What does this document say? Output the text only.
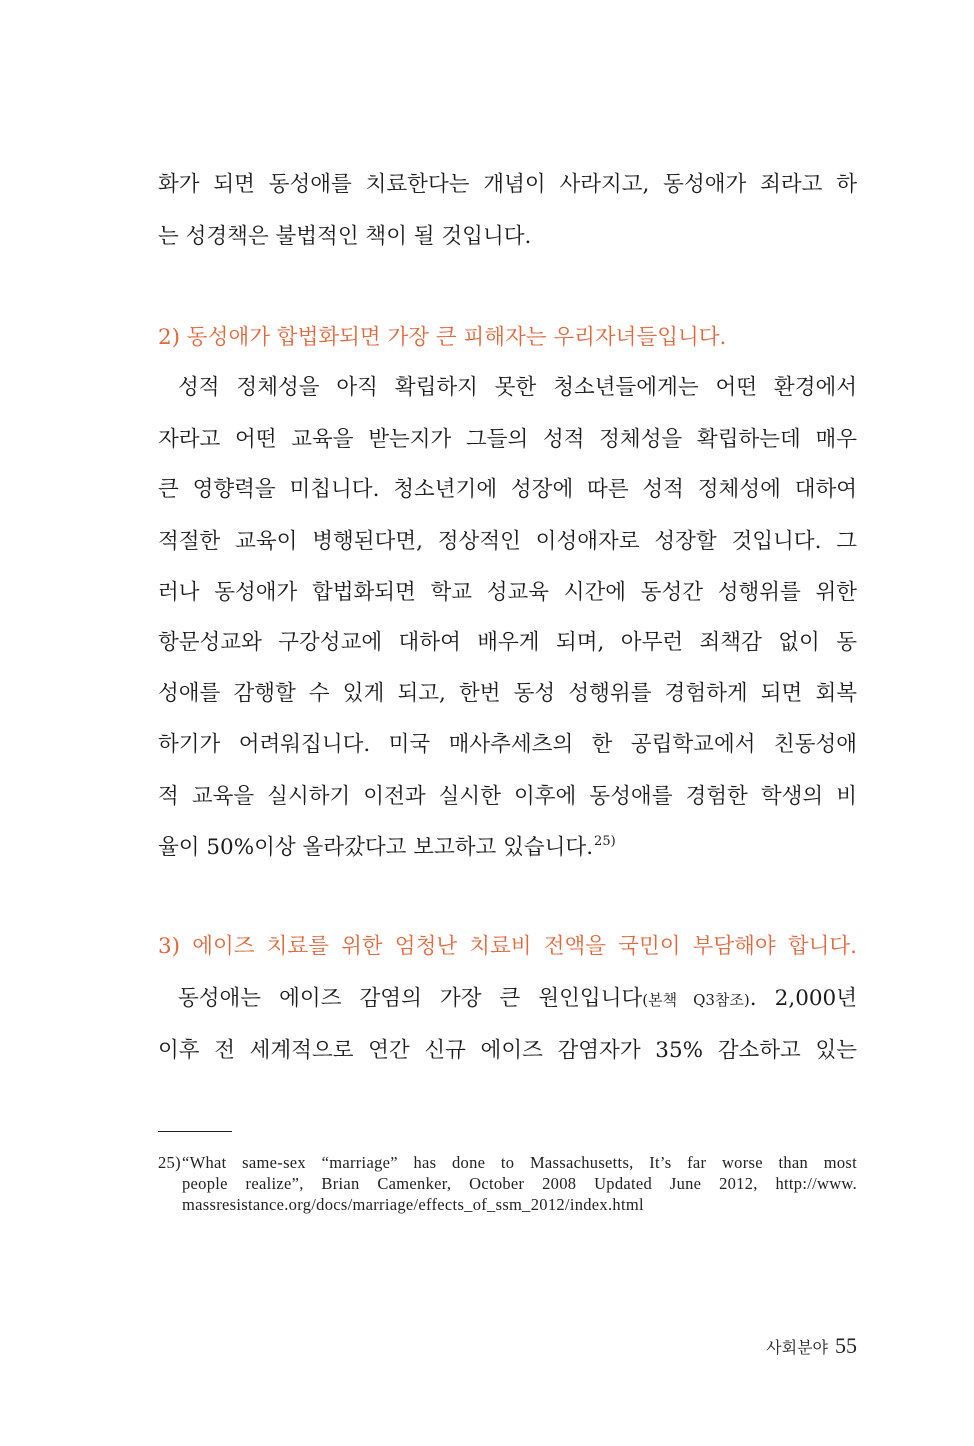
화가 되면 동성애를 치료한다는 개념이 사라지고, 동성애가 죄라고 하
는 성경책은 불법적인 책이 될 것입니다.
2) 동성애가 합법화되면 가장 큰 피해자는 우리자녀들입니다.
성적 정체성을 아직 확립하지 못한 청소년들에게는 어떤 환경에서
자라고 어떤 교육을 받는지가 그들의 성적 정체성을 확립하는데 매우
큰 영향력을 미칩니다. 청소년기에 성장에 따른 성적 정체성에 대하여
적절한 교육이 병행된다면, 정상적인 이성애자로 성장할 것입니다. 그
러나 동성애가 합법화되면 학교 성교육 시간에 동성간 성행위를 위한
항문성교와 구강성교에 대하여 배우게 되며, 아무런 죄책감 없이 동
성애를 감행할 수 있게 되고, 한번 동성 성행위를 경험하게 되면 회복
하기가 어려워집니다. 미국 매사추세츠의 한 공립학교에서 친동성애
적 교육을 실시하기 이전과 실시한 이후에 동성애를 경험한 학생의 비
율이 50%이상 올라갔다고 보고하고 있습니다.$^{25)}$
3) 에이즈 치료를 위한 엄청난 치료비 전액을 국민이 부담해야 합니다.
동성애는 에이즈 감염의 가장 큰 원인입니다(본책 Q3참조). 2,000년
이후 전 세계적으로 연간 신규 에이즈 감염자가 35% 감소하고 있는
25) “What same-sex “marriage” has done to Massachusetts, It’s far worse than most
people realize”, Brian Camenker, October 2008 Updated June 2012, http://www.
massresistance.org/docs/marriage/effects_of_ssm_2012/index.html
사회분야 55
